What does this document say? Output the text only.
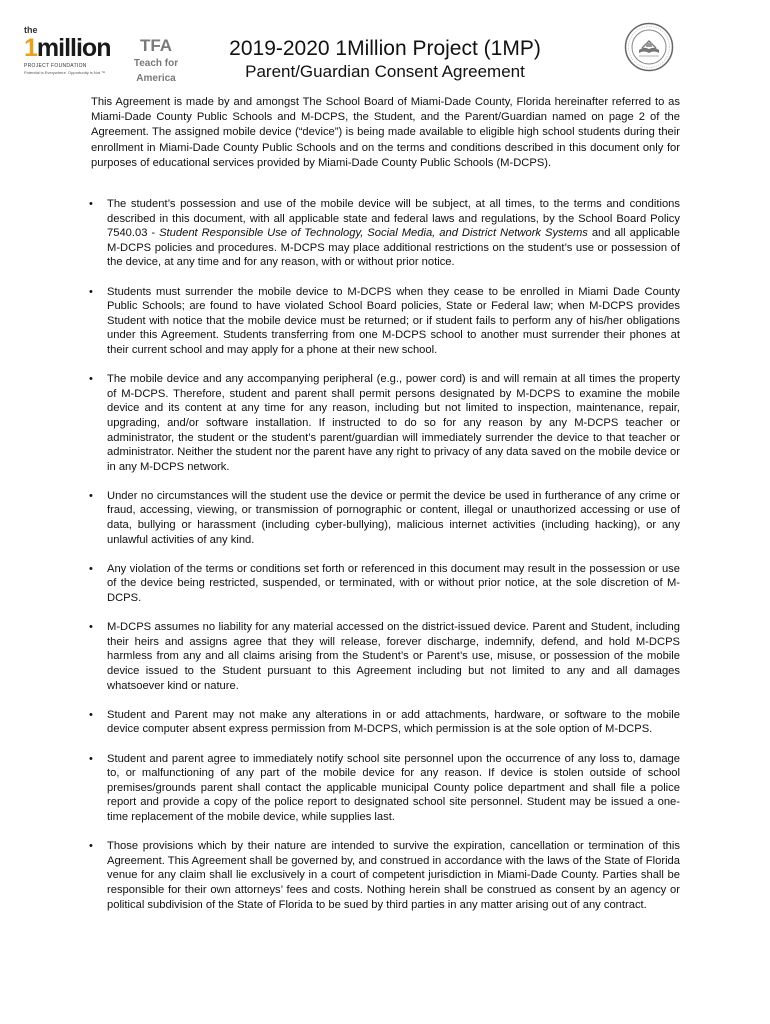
the
1million
PROJECT FOUNDATION
Potential is Everywhere. Opportunity is Not.™
TFA
Teach for
America
2019-2020 1Million Project (1MP)
Parent/Guardian Consent Agreement

This Agreement is made by and amongst The School Board of Miami-Dade County, Florida hereinafter referred to as Miami-Dade County Public Schools and M-DCPS, the Student, and the Parent/Guardian named on page 2 of the Agreement. The assigned mobile device (“device”) is being made available to eligible high school students during their enrollment in Miami-Dade County Public Schools and on the terms and conditions described in this document only for purposes of educational services provided by Miami-Dade County Public Schools (M-DCPS).

• The student’s possession and use of the mobile device will be subject, at all times, to the terms and conditions described in this document, with all applicable state and federal laws and regulations, by the School Board Policy 7540.03 - Student Responsible Use of Technology, Social Media, and District Network Systems and all applicable M-DCPS policies and procedures. M-DCPS may place additional restrictions on the student’s use or possession of the device, at any time and for any reason, with or without prior notice.
• Students must surrender the mobile device to M-DCPS when they cease to be enrolled in Miami Dade County Public Schools; are found to have violated School Board policies, State or Federal law; when M-DCPS provides Student with notice that the mobile device must be returned; or if student fails to perform any of his/her obligations under this Agreement. Students transferring from one M-DCPS school to another must surrender their phones at their current school and may apply for a phone at their new school.
• The mobile device and any accompanying peripheral (e.g., power cord) is and will remain at all times the property of M-DCPS. Therefore, student and parent shall permit persons designated by M-DCPS to examine the mobile device and its content at any time for any reason, including but not limited to inspection, maintenance, repair, upgrading, and/or software installation. If instructed to do so for any reason by any M-DCPS teacher or administrator, the student or the student’s parent/guardian will immediately surrender the device to that teacher or administrator. Neither the student nor the parent have any right to privacy of any data saved on the mobile device or in any M-DCPS network.
• Under no circumstances will the student use the device or permit the device be used in furtherance of any crime or fraud, accessing, viewing, or transmission of pornographic or content, illegal or unauthorized accessing or use of data, bullying or harassment (including cyber-bullying), malicious internet activities (including hacking), or any unlawful activities of any kind.
• Any violation of the terms or conditions set forth or referenced in this document may result in the possession or use of the device being restricted, suspended, or terminated, with or without prior notice, at the sole discretion of M-DCPS.
• M-DCPS assumes no liability for any material accessed on the district-issued device. Parent and Student, including their heirs and assigns agree that they will release, forever discharge, indemnify, defend, and hold M-DCPS harmless from any and all claims arising from the Student’s or Parent’s use, misuse, or possession of the mobile device issued to the Student pursuant to this Agreement including but not limited to any and all damages whatsoever kind or nature.
• Student and Parent may not make any alterations in or add attachments, hardware, or software to the mobile device computer absent express permission from M-DCPS, which permission is at the sole option of M-DCPS.
• Student and parent agree to immediately notify school site personnel upon the occurrence of any loss to, damage to, or malfunctioning of any part of the mobile device for any reason. If device is stolen outside of school premises/grounds parent shall contact the applicable municipal County police department and shall file a police report and provide a copy of the police report to designated school site personnel. Student may be issued a one-time replacement of the mobile device, while supplies last.
• Those provisions which by their nature are intended to survive the expiration, cancellation or termination of this Agreement. This Agreement shall be governed by, and construed in accordance with the laws of the State of Florida venue for any claim shall lie exclusively in a court of competent jurisdiction in Miami-Dade County. Parties shall be responsible for their own attorneys’ fees and costs. Nothing herein shall be construed as consent by an agency or political subdivision of the State of Florida to be sued by third parties in any matter arising out of any contract.
